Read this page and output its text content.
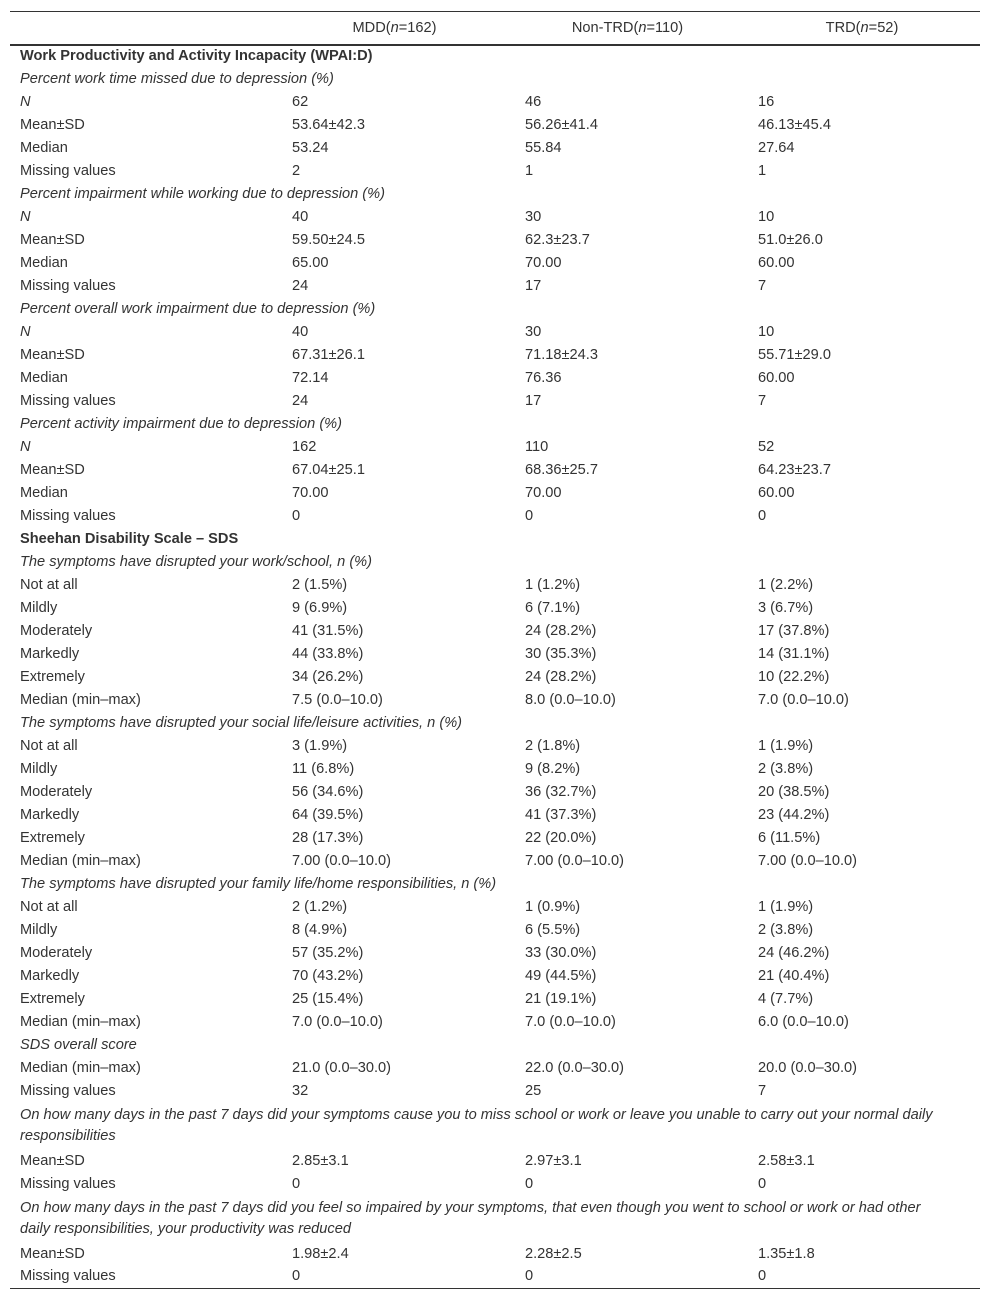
	MDD(n=162)	Non-TRD(n=110)	TRD(n=52)
Work Productivity and Activity Incapacity (WPAI:D)			
Percent work time missed due to depression (%)			
N	62	46	16
Mean±SD	53.64±42.3	56.26±41.4	46.13±45.4
Median	53.24	55.84	27.64
Missing values	2	1	1
Percent impairment while working due to depression (%)			
N	40	30	10
Mean±SD	59.50±24.5	62.3±23.7	51.0±26.0
Median	65.00	70.00	60.00
Missing values	24	17	7
Percent overall work impairment due to depression (%)			
N	40	30	10
Mean±SD	67.31±26.1	71.18±24.3	55.71±29.0
Median	72.14	76.36	60.00
Missing values	24	17	7
Percent activity impairment due to depression (%)			
N	162	110	52
Mean±SD	67.04±25.1	68.36±25.7	64.23±23.7
Median	70.00	70.00	60.00
Missing values	0	0	0
Sheehan Disability Scale – SDS			
The symptoms have disrupted your work/school, n (%)			
Not at all	2 (1.5%)	1 (1.2%)	1 (2.2%)
Mildly	9 (6.9%)	6 (7.1%)	3 (6.7%)
Moderately	41 (31.5%)	24 (28.2%)	17 (37.8%)
Markedly	44 (33.8%)	30 (35.3%)	14 (31.1%)
Extremely	34 (26.2%)	24 (28.2%)	10 (22.2%)
Median (min–max)	7.5 (0.0–10.0)	8.0 (0.0–10.0)	7.0 (0.0–10.0)
The symptoms have disrupted your social life/leisure activities, n (%)			
Not at all	3 (1.9%)	2 (1.8%)	1 (1.9%)
Mildly	11 (6.8%)	9 (8.2%)	2 (3.8%)
Moderately	56 (34.6%)	36 (32.7%)	20 (38.5%)
Markedly	64 (39.5%)	41 (37.3%)	23 (44.2%)
Extremely	28 (17.3%)	22 (20.0%)	6 (11.5%)
Median (min–max)	7.00 (0.0–10.0)	7.00 (0.0–10.0)	7.00 (0.0–10.0)
The symptoms have disrupted your family life/home responsibilities, n (%)			
Not at all	2 (1.2%)	1 (0.9%)	1 (1.9%)
Mildly	8 (4.9%)	6 (5.5%)	2 (3.8%)
Moderately	57 (35.2%)	33 (30.0%)	24 (46.2%)
Markedly	70 (43.2%)	49 (44.5%)	21 (40.4%)
Extremely	25 (15.4%)	21 (19.1%)	4 (7.7%)
Median (min–max)	7.0 (0.0–10.0)	7.0 (0.0–10.0)	6.0 (0.0–10.0)
SDS overall score			
Median (min–max)	21.0 (0.0–30.0)	22.0 (0.0–30.0)	20.0 (0.0–30.0)
Missing values	32	25	7
On how many days in the past 7 days did your symptoms cause you to miss school or work or leave you unable to carry out your normal daily responsibilities			
Mean±SD	2.85±3.1	2.97±3.1	2.58±3.1
Missing values	0	0	0
On how many days in the past 7 days did you feel so impaired by your symptoms, that even though you went to school or work or had other daily responsibilities, your productivity was reduced			
Mean±SD	1.98±2.4	2.28±2.5	1.35±1.8
Missing values	0	0	0
